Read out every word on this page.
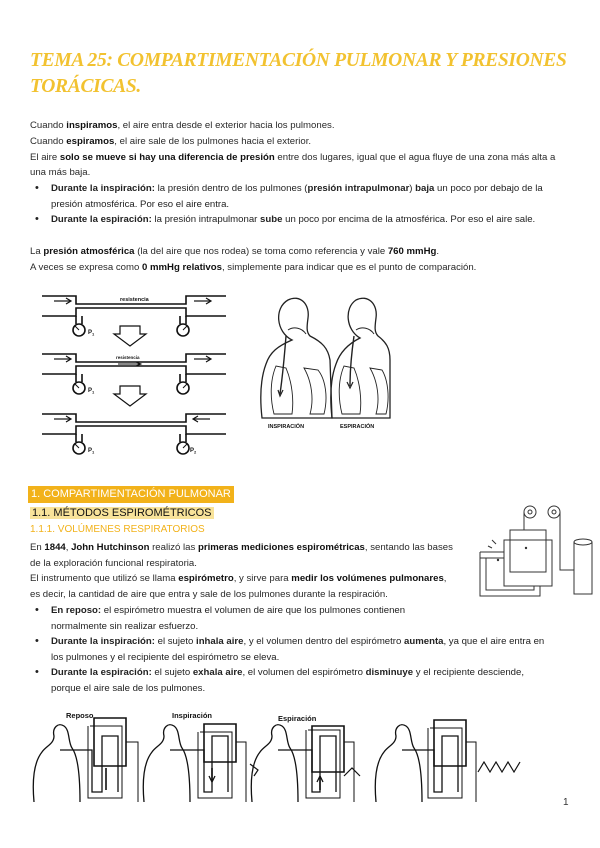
TEMA 25: COMPARTIMENTACIÓN PULMONAR Y PRESIONES TORÁCICAS.
Cuando inspiramos, el aire entra desde el exterior hacia los pulmones.
Cuando espiramos, el aire sale de los pulmones hacia el exterior.
El aire solo se mueve si hay una diferencia de presión entre dos lugares, igual que el agua fluye de una zona más alta a
una más baja.
• Durante la inspiración: la presión dentro de los pulmones (presión intrapulmonar) baja un poco por debajo de la
presión atmosférica. Por eso el aire entra.
• Durante la espiración: la presión intrapulmonar sube un poco por encima de la atmosférica. Por eso el aire sale.
La presión atmosférica (la del aire que nos rodea) se toma como referencia y vale 760 mmHg.
A veces se expresa como 0 mmHg relativos, simplemente para indicar que es el punto de comparación.
resistencia
resistencia
$P_1$
$P_1$
$P_1$	$P_2$
INSPIRACIÓN	ESPIRACIÓN
1. COMPARTIMENTACIÓN PULMONAR
1.1. MÉTODOS ESPIROMÉTRICOS
1.1.1. VOLÚMENES RESPIRATORIOS
En 1844, John Hutchinson realizó las primeras mediciones espirométricas, sentando las bases
de la exploración funcional respiratoria.
El instrumento que utilizó se llama espirómetro, y sirve para medir los volúmenes pulmonares,
es decir, la cantidad de aire que entra y sale de los pulmones durante la respiración.
• En reposo: el espirómetro muestra el volumen de aire que los pulmones contienen
normalmente sin realizar esfuerzo.
• Durante la inspiración: el sujeto inhala aire, y el volumen dentro del espirómetro aumenta, ya que el aire entra en
los pulmones y el recipiente del espirómetro se eleva.
• Durante la espiración: el sujeto exhala aire, el volumen del espirómetro disminuye y el recipiente desciende,
porque el aire sale de los pulmones.
Reposo	Inspiración	Espiración
1
